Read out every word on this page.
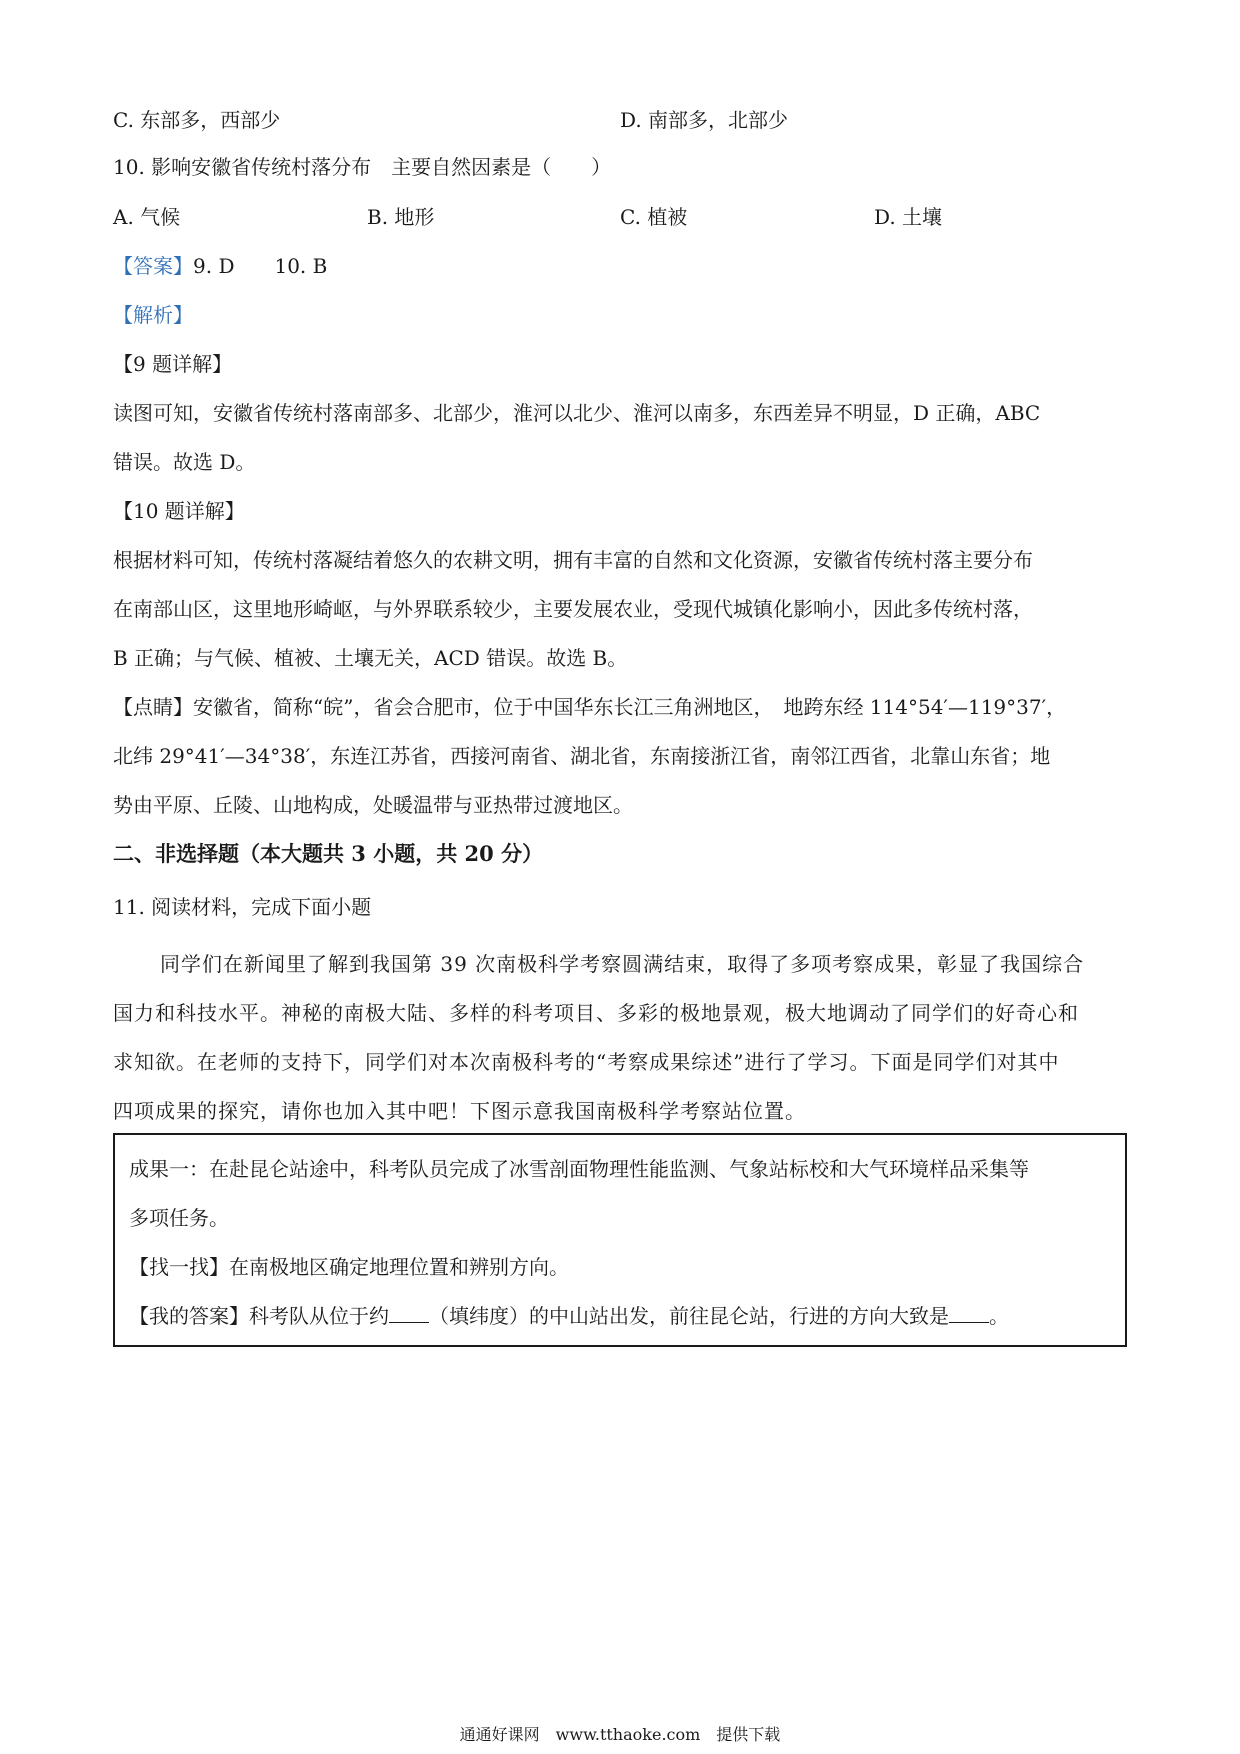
C. 东部多，西部少	D. 南部多，北部少
10. 影响安徽省传统村落分布　主要自然因素是（　　）
A. 气候	B. 地形	C. 植被	D. 土壤
【答案】9. D　　10. B
【解析】
【9 题详解】
读图可知，安徽省传统村落南部多、北部少，淮河以北少、淮河以南多，东西差异不明显，D 正确，ABC
错误。故选 D。
【10 题详解】
根据材料可知，传统村落凝结着悠久的农耕文明，拥有丰富的自然和文化资源，安徽省传统村落主要分布
在南部山区，这里地形崎岖，与外界联系较少，主要发展农业，受现代城镇化影响小，因此多传统村落，
B 正确；与气候、植被、土壤无关，ACD 错误。故选 B。
【点睛】安徽省，简称“皖”，省会合肥市，位于中国华东长江三角洲地区，　地跨东经 114°54′—119°37′，
北纬 29°41′—34°38′，东连江苏省，西接河南省、湖北省，东南接浙江省，南邻江西省，北靠山东省；地
势由平原、丘陵、山地构成，处暖温带与亚热带过渡地区。
二、非选择题（本大题共 3 小题，共 20 分）
11. 阅读材料，完成下面小题
同学们在新闻里了解到我国第 39 次南极科学考察圆满结束，取得了多项考察成果，彰显了我国综合
国力和科技水平。神秘的南极大陆、多样的科考项目、多彩的极地景观，极大地调动了同学们的好奇心和
求知欲。在老师的支持下，同学们对本次南极科考的“考察成果综述”进行了学习。下面是同学们对其中
四项成果的探究，请你也加入其中吧！下图示意我国南极科学考察站位置。
成果一：在赴昆仑站途中，科考队员完成了冰雪剖面物理性能监测、气象站标校和大气环境样品采集等
多项任务。
【找一找】在南极地区确定地理位置和辨别方向。
【我的答案】科考队从位于约 （填纬度）的中山站出发，前往昆仑站，行进的方向大致是 。
通通好课网　www.tthaoke.com　提供下载
